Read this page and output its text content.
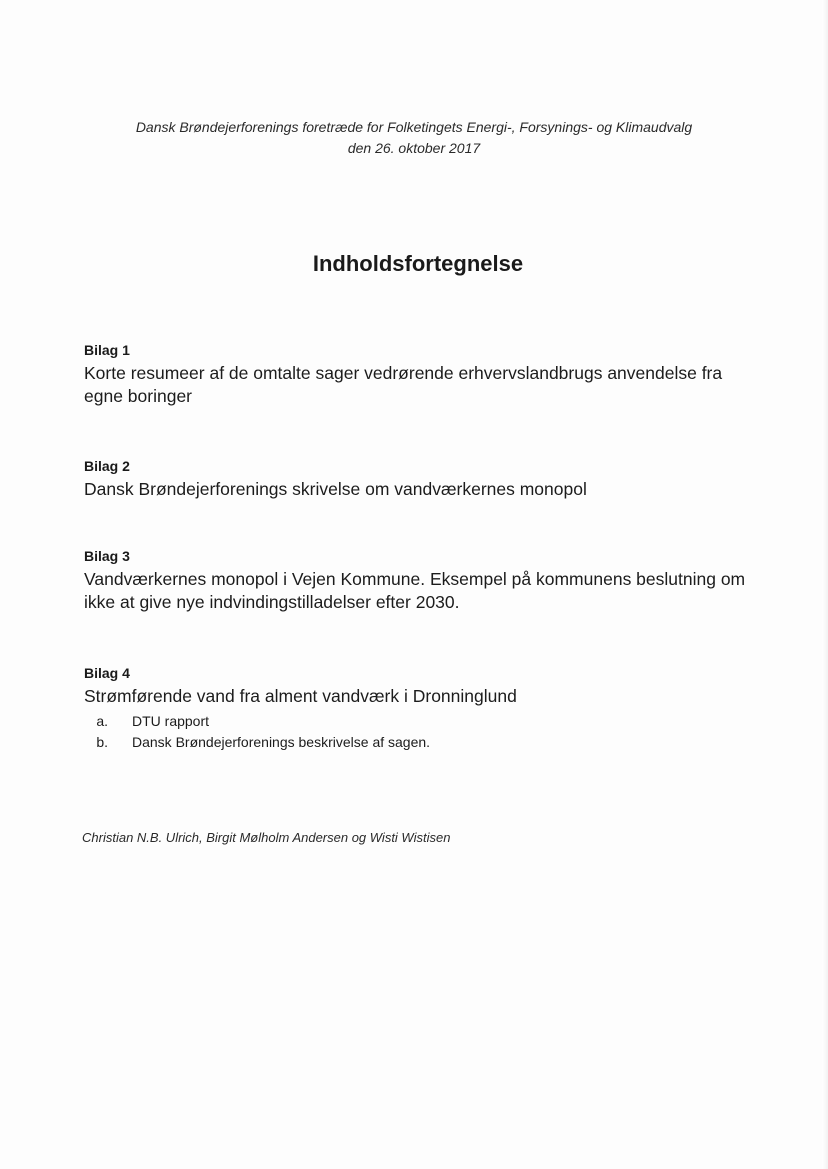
Dansk Brøndejerforenings foretræde for Folketingets Energi-, Forsynings- og Klimaudvalg
den 26. oktober 2017
Indholdsfortegnelse
Bilag 1
Korte resumeer af de omtalte sager vedrørende erhvervslandbrugs anvendelse fra egne boringer
Bilag 2
Dansk Brøndejerforenings skrivelse om vandværkernes monopol
Bilag 3
Vandværkernes monopol i Vejen Kommune. Eksempel på kommunens beslutning om ikke at give nye indvindingstilladelser efter 2030.
Bilag 4
Strømførende vand fra alment vandværk i Dronninglund
a.	DTU rapport
b.	Dansk Brøndejerforenings beskrivelse af sagen.
Christian N.B. Ulrich, Birgit Mølholm Andersen og Wisti Wistisen
